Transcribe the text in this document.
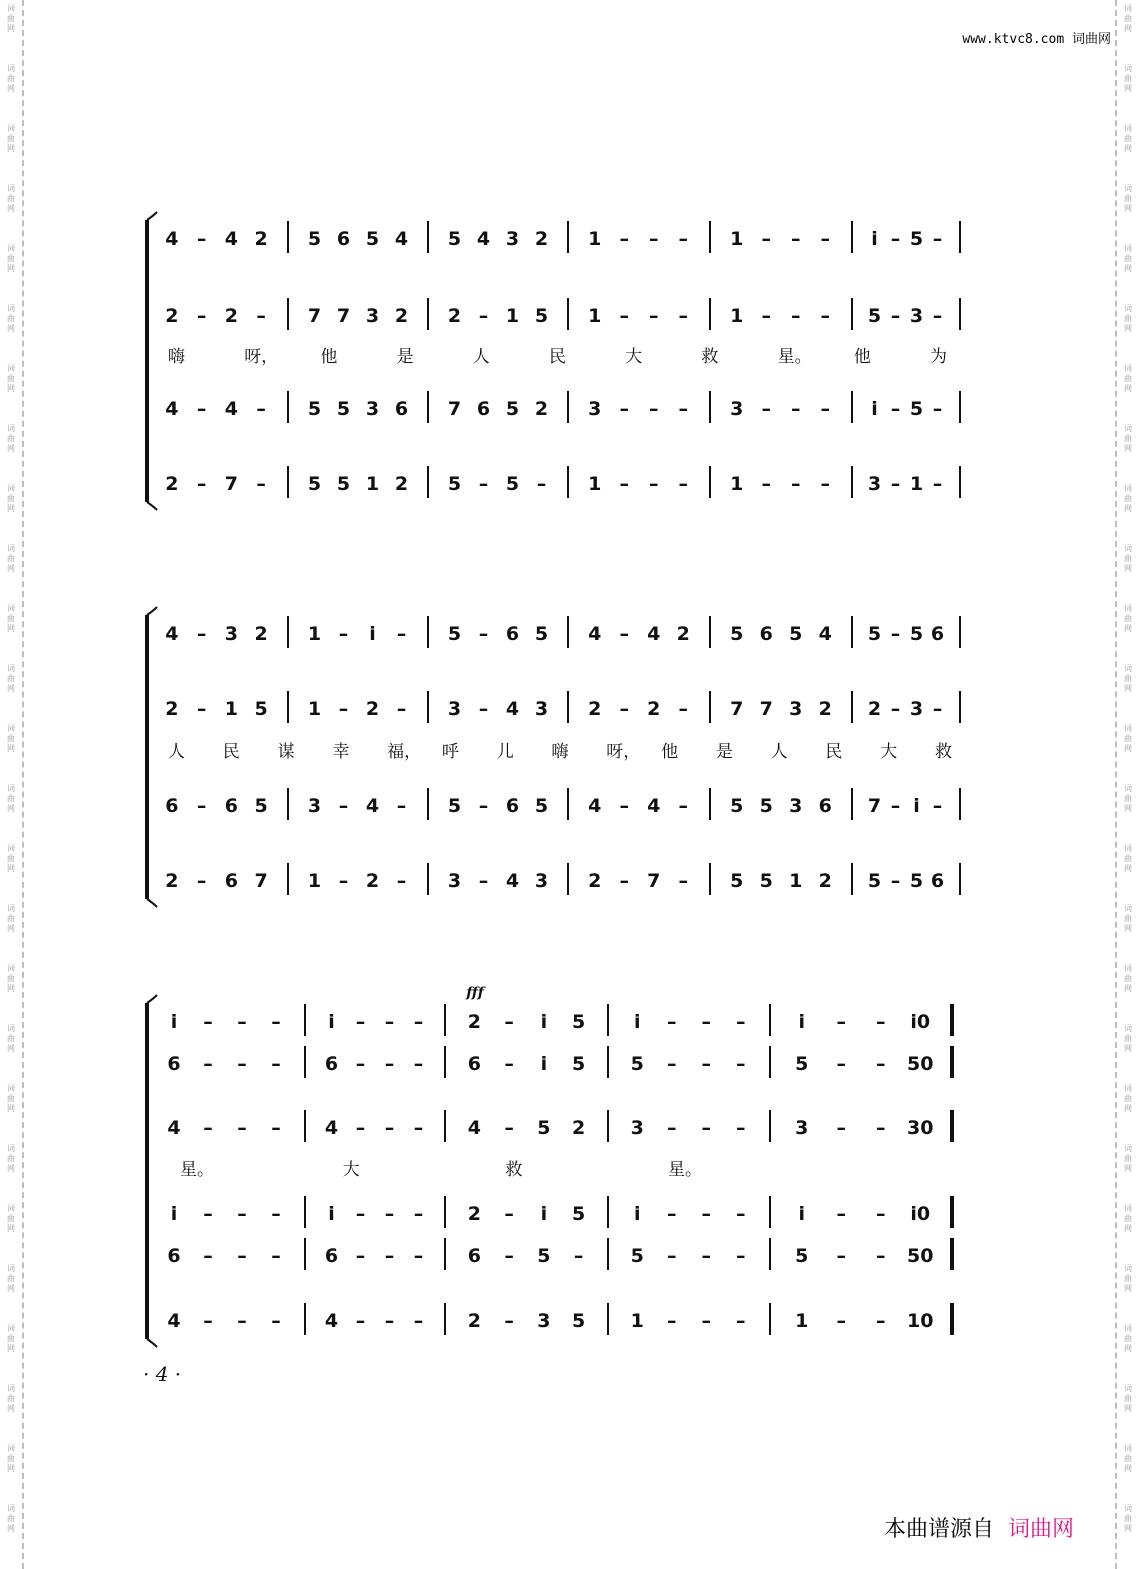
词
曲
网
词
曲
网
词
曲
网
词
曲
网
词
曲
网
词
曲
网
词
曲
网
词
曲
网
词
曲
网
词
曲
网
词
曲
网
词
曲
网
词
曲
网
词
曲
网
词
曲
网
词
曲
网
词
曲
网
词
曲
网
词
曲
网
词
曲
网
词
曲
网
词
曲
网
词
曲
网
词
曲
网
词
曲
网
词
曲
网
词
曲
网
词
曲
网
词
曲
网
词
曲
网
词
曲
网
词
曲
网
词
曲
网
词
曲
网
词
曲
网
词
曲
网
词
曲
网
词
曲
网
词
曲
网
词
曲
网
词
曲
网
词
曲
网
词
曲
网
词
曲
网
词
曲
网
词
曲
网
词
曲
网
词
曲
网
词
曲
网
词
曲
网
词
曲
网
词
曲
网
www.ktvc8.com 词曲网
4 – 4 2 5 6 5 4 5 4 3 2 1 – – – 1 – – – i – 5 –
2 – 2 – 7 7 3 2 2 – 1 5 1 – – – 1 – – – 5 – 3 –
4 – 4 – 5 5 3 6 7 6 5 2 3 – – – 3 – – – i – 5 –
2 – 7 – 5 5 1 2 5 – 5 – 1 – – – 1 – – – 3 – 1 –
嗨	呀， 他	是	人	民	大	救	星。 他	为
4 – 3 2 1 – i – 5 – 6 5 4 – 4 2 5 6 5 4 5 – 5 6
2 – 1 5 1 – 2 – 3 – 4 3 2 – 2 – 7 7 3 2 2 – 3 –
6 – 6 5 3 – 4 – 5 – 6 5 4 – 4 – 5 5 3 6 7 – i –
2 – 6 7 1 – 2 – 3 – 4 3 2 – 7 – 5 5 1 2 5 – 5 6
人 民 谋 幸 福， 呼 儿 嗨 呀， 他 是 人 民 大 救
i – – – i – – – 2 – i 5	i – – –	i – – i0
6 – – – 6 – – – 6 – i 5 5 – – –	5 – – 50
4 – – – 4 – – – 4 – 5 2 3 – – –	3 – – 30
i – – – i – – – 2 – i 5	i – – –	i – – i0
6 – – – 6 – – – 6 – 5 – 5 – – –	5 – – 50
4 – – – 4 – – – 2 – 3 5 1 – – –	1 – – 10
星。	大	救	星。
fff
· 4 ·
本曲谱源自 词曲网
